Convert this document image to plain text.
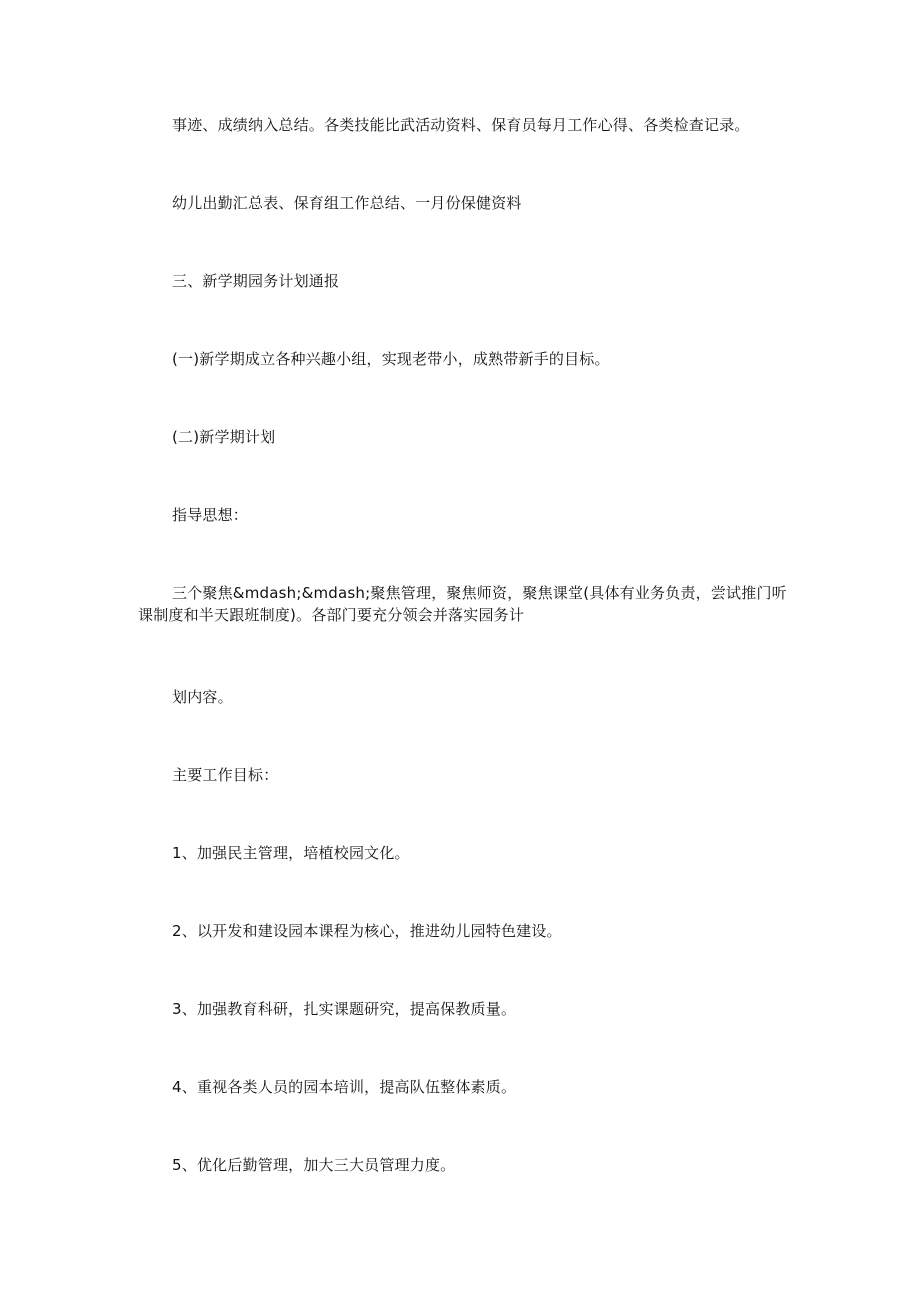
事迹、成绩纳入总结。各类技能比武活动资料、保育员每月工作心得、各类检查记录。
幼儿出勤汇总表、保育组工作总结、一月份保健资料
三、新学期园务计划通报
(一)新学期成立各种兴趣小组，实现老带小，成熟带新手的目标。
(二)新学期计划
指导思想：
三个聚焦&mdash;&mdash;聚焦管理，聚焦师资，聚焦课堂(具体有业务负责，尝试推门听课制度和半天跟班制度)。各部门要充分领会并落实园务计
划内容。
主要工作目标：
1、加强民主管理，培植校园文化。
2、以开发和建设园本课程为核心，推进幼儿园特色建设。
3、加强教育科研，扎实课题研究，提高保教质量。
4、重视各类人员的园本培训，提高队伍整体素质。
5、优化后勤管理，加大三大员管理力度。
